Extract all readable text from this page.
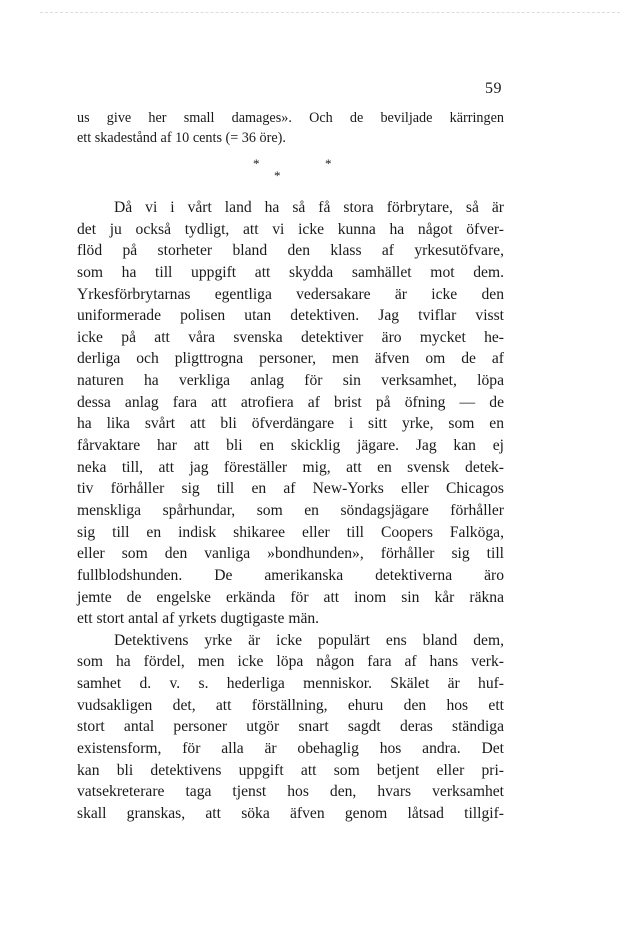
59
us give her small damages». Och de beviljade kärringen
ett skadestånd af 10 cents (= 36 öre).
*
*
*
Då vi i vårt land ha så få stora förbrytare, så är
det ju också tydligt, att vi icke kunna ha något öfver-
flöd på storheter bland den klass af yrkesutöfvare,
som ha till uppgift att skydda samhället mot dem.
Yrkesförbrytarnas egentliga vedersakare är icke den
uniformerade polisen utan detektiven. Jag tviflar visst
icke på att våra svenska detektiver äro mycket he-
derliga och pligttrogna personer, men äfven om de af
naturen ha verkliga anlag för sin verksamhet, löpa
dessa anlag fara att atrofiera af brist på öfning — de
ha lika svårt att bli öfverdängare i sitt yrke, som en
fårvaktare har att bli en skicklig jägare. Jag kan ej
neka till, att jag föreställer mig, att en svensk detek-
tiv förhåller sig till en af New-Yorks eller Chicagos
menskliga spårhundar, som en söndagsjägare förhåller
sig till en indisk shikaree eller till Coopers Falköga,
eller som den vanliga »bondhunden», förhåller sig till
fullblodshunden. De amerikanska detektiverna äro
jemte de engelske erkända för att inom sin kår räkna
ett stort antal af yrkets dugtigaste män.
Detektivens yrke är icke populärt ens bland dem,
som ha fördel, men icke löpa någon fara af hans verk-
samhet d. v. s. hederliga menniskor. Skälet är huf-
vudsakligen det, att förställning, ehuru den hos ett
stort antal personer utgör snart sagdt deras ständiga
existensform, för alla är obehaglig hos andra. Det
kan bli detektivens uppgift att som betjent eller pri-
vatsekreterare taga tjenst hos den, hvars verksamhet
skall granskas, att söka äfven genom låtsad tillgif-
